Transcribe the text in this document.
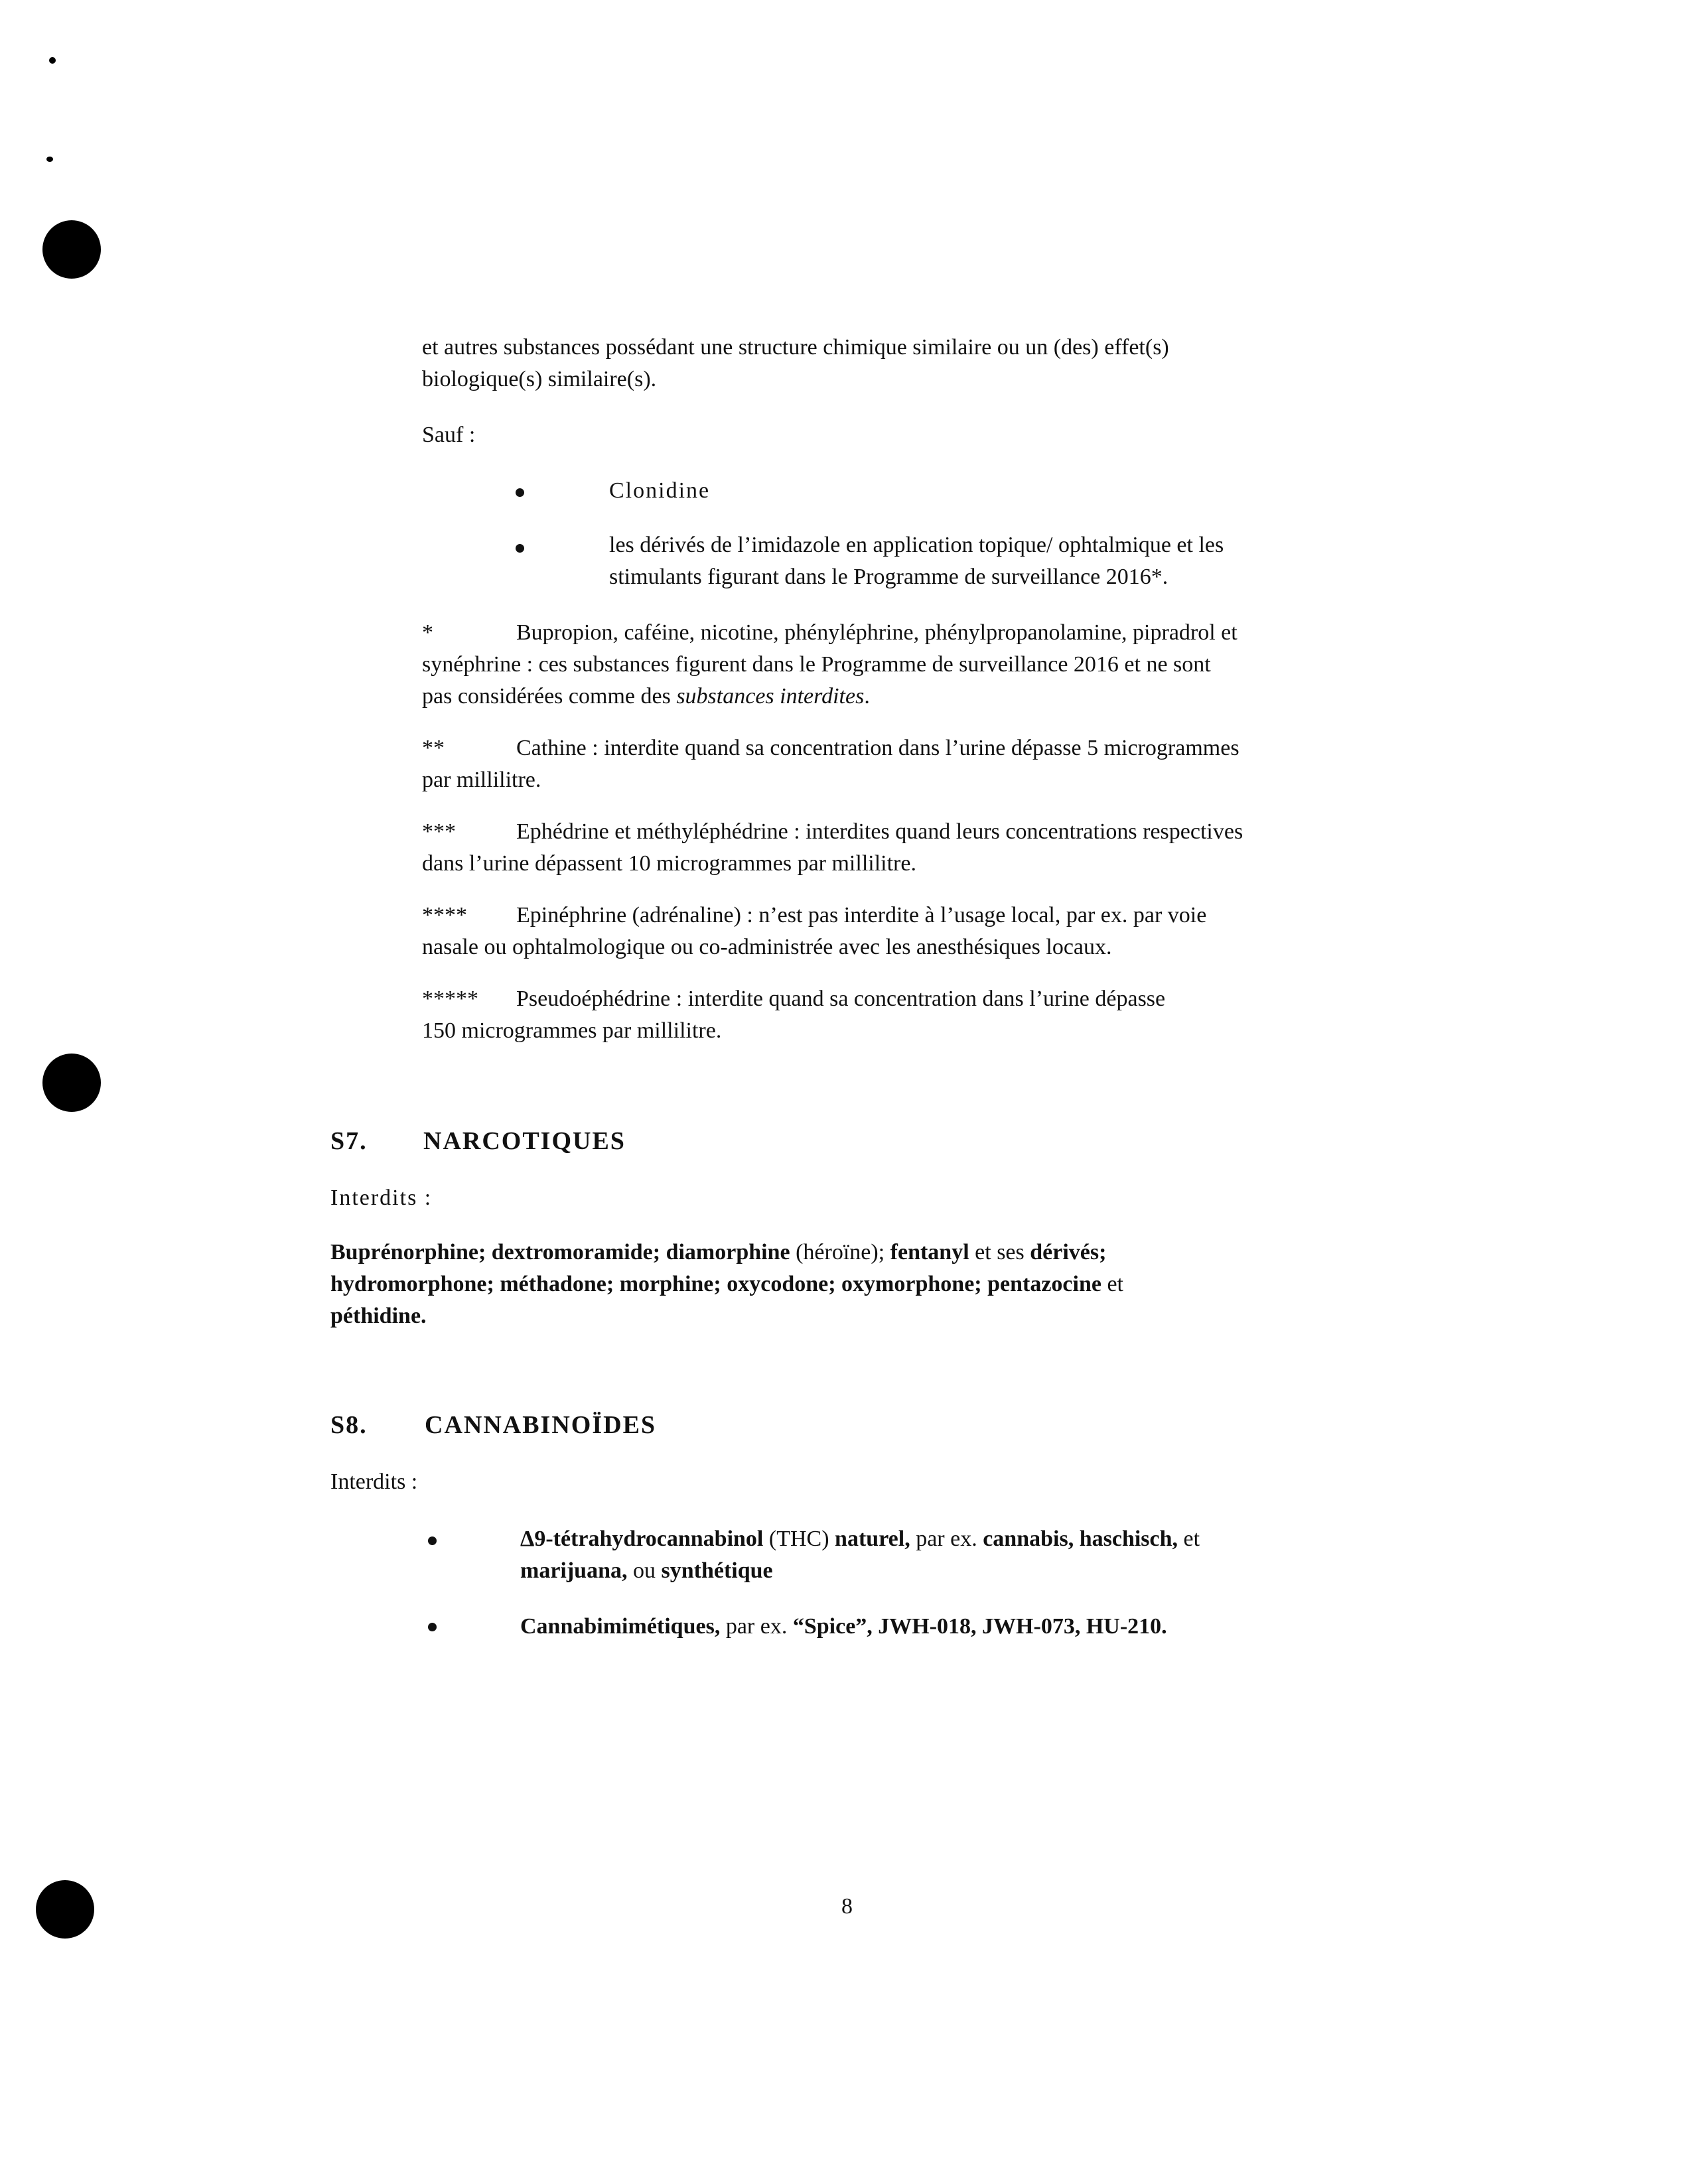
et autres substances possédant une structure chimique similaire ou un (des) effet(s)
biologique(s) similaire(s).
Sauf :
Clonidine
les dérivés de l’imidazole en application topique/ ophtalmique et les
stimulants figurant dans le Programme de surveillance 2016*.
*	Bupropion, caféine, nicotine, phényléphrine, phénylpropanolamine, pipradrol et
synéphrine : ces substances figurent dans le Programme de surveillance 2016 et ne sont
pas considérées comme des substances interdites.
**	Cathine : interdite quand sa concentration dans l’urine dépasse 5 microgrammes
par millilitre.
***	Ephédrine et méthyléphédrine : interdites quand leurs concentrations respectives
dans l’urine dépassent 10 microgrammes par millilitre.
**** Epinéphrine (adrénaline) : n’est pas interdite à l’usage local, par ex. par voie
nasale ou ophtalmologique ou co-administrée avec les anesthésiques locaux.
***** Pseudoéphédrine : interdite quand sa concentration dans l’urine dépasse
150 microgrammes par millilitre.
S7. NARCOTIQUES
Interdits :
Buprénorphine; dextromoramide; diamorphine (héroïne); fentanyl et ses dérivés;
hydromorphone; méthadone; morphine; oxycodone; oxymorphone; pentazocine et
péthidine.
S8. CANNABINOÏDES
Interdits :
Δ9-tétrahydrocannabinol (THC) naturel, par ex. cannabis, haschisch, et
marijuana, ou synthétique
Cannabimimétiques, par ex. “Spice”, JWH-018, JWH-073, HU-210.
8
